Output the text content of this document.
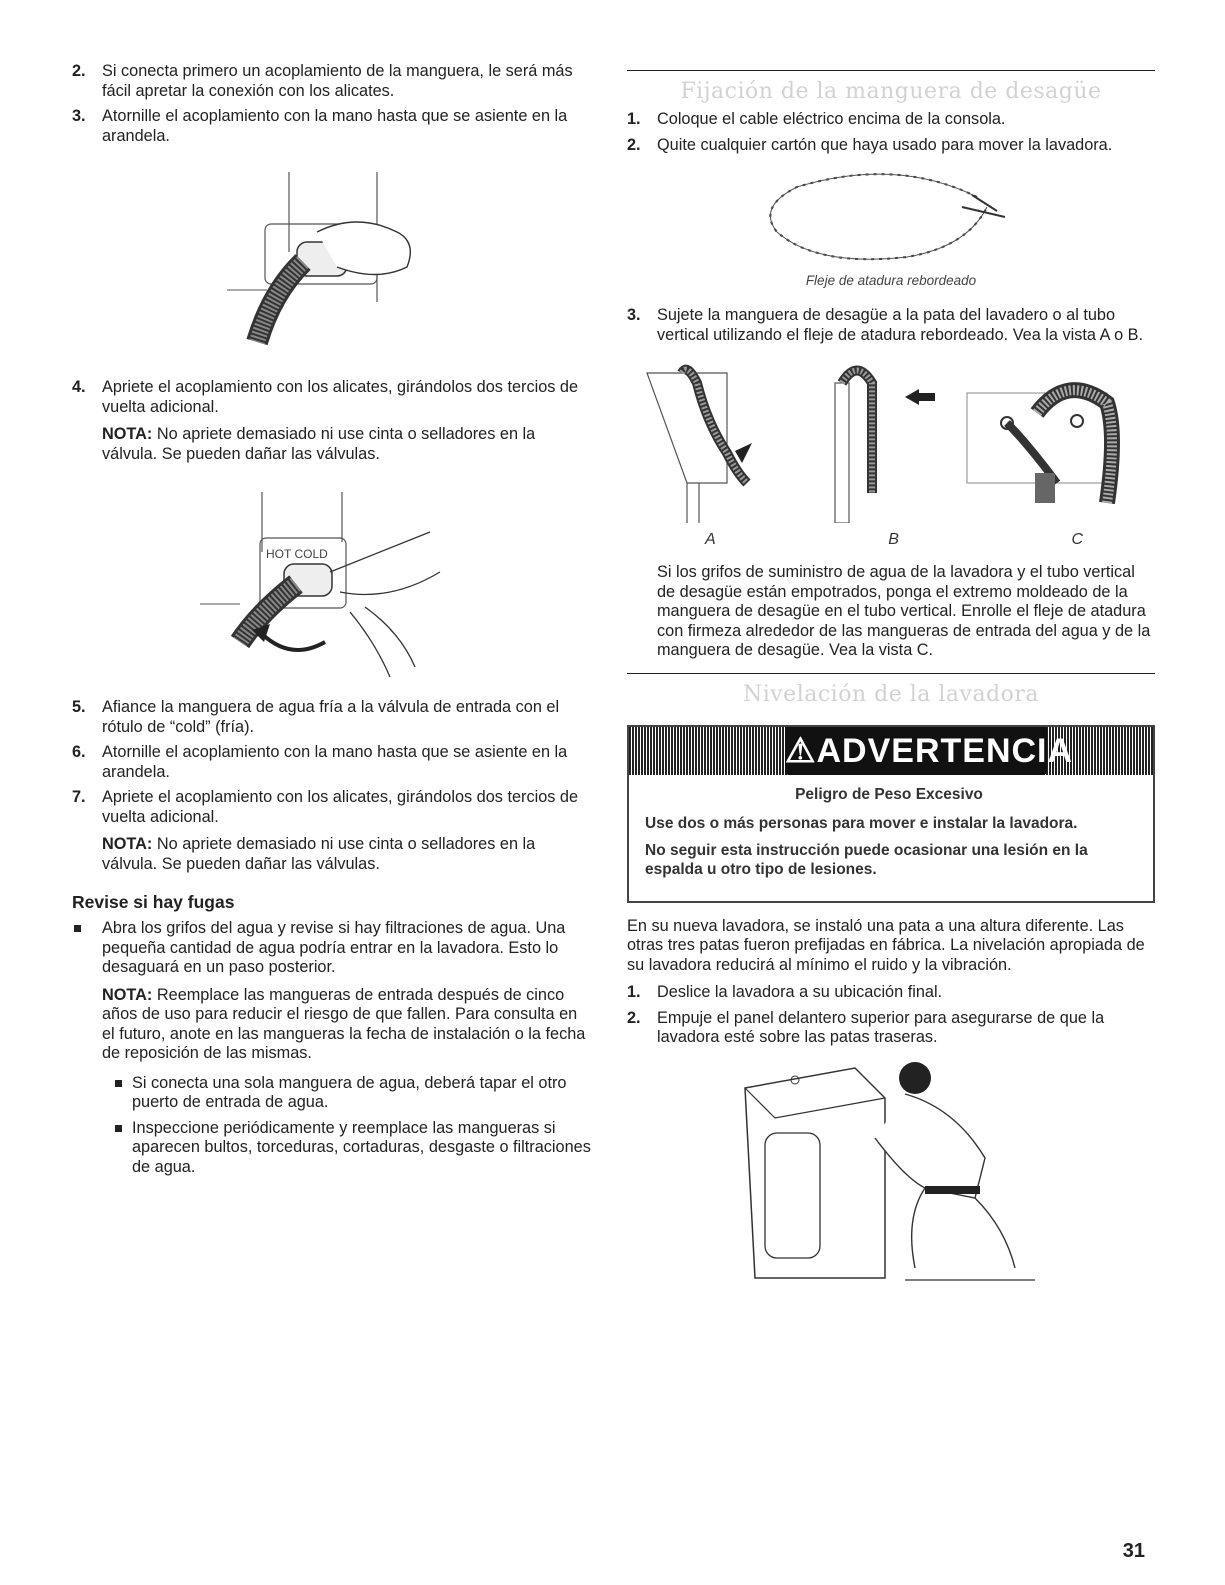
2. Si conecta primero un acoplamiento de la manguera, le será más fácil apretar la conexión con los alicates.

3. Atornille el acoplamiento con la mano hasta que se asiente en la arandela.

4. Apriete el acoplamiento con los alicates, girándolos dos tercios de vuelta adicional.

NOTA: No apriete demasiado ni use cinta o selladores en la válvula. Se pueden dañar las válvulas.

HOT COLD

5. Afiance la manguera de agua fría a la válvula de entrada con el rótulo de “cold” (fría).

6. Atornille el acoplamiento con la mano hasta que se asiente en la arandela.

7. Apriete el acoplamiento con los alicates, girándolos dos tercios de vuelta adicional.

NOTA: No apriete demasiado ni use cinta o selladores en la válvula. Se pueden dañar las válvulas.

Revise si hay fugas

Abra los grifos del agua y revise si hay filtraciones de agua. Una pequeña cantidad de agua podría entrar en la lavadora. Esto lo desaguará en un paso posterior.

NOTA: Reemplace las mangueras de entrada después de cinco años de uso para reducir el riesgo de que fallen. Para consulta en el futuro, anote en las mangueras la fecha de instalación o la fecha de reposición de las mismas.

Si conecta una sola manguera de agua, deberá tapar el otro puerto de entrada de agua.

Inspeccione periódicamente y reemplace las mangueras si aparecen bultos, torceduras, cortaduras, desgaste o filtraciones de agua.

Fijación de la manguera de desagüe

1. Coloque el cable eléctrico encima de la consola.

2. Quite cualquier cartón que haya usado para mover la lavadora.

Fleje de atadura rebordeado

3. Sujete la manguera de desagüe a la pata del lavadero o al tubo vertical utilizando el fleje de atadura rebordeado. Vea la vista A o B.

A	B	C

Si los grifos de suministro de agua de la lavadora y el tubo vertical de desagüe están empotrados, ponga el extremo moldeado de la manguera de desagüe en el tubo vertical. Enrolle el fleje de atadura con firmeza alrededor de las mangueras de entrada del agua y de la manguera de desagüe. Vea la vista C.

Nivelación de la lavadora
⚠ADVERTENCIA
Peligro de Peso Excesivo
Use dos o más personas para mover e instalar la lavadora.
No seguir esta instrucción puede ocasionar una lesión en la espalda u otro tipo de lesiones.

En su nueva lavadora, se instaló una pata a una altura diferente. Las otras tres patas fueron prefijadas en fábrica. La nivelación apropiada de su lavadora reducirá al mínimo el ruido y la vibración.

1. Deslice la lavadora a su ubicación final.

2. Empuje el panel delantero superior para asegurarse de que la lavadora esté sobre las patas traseras.

31
